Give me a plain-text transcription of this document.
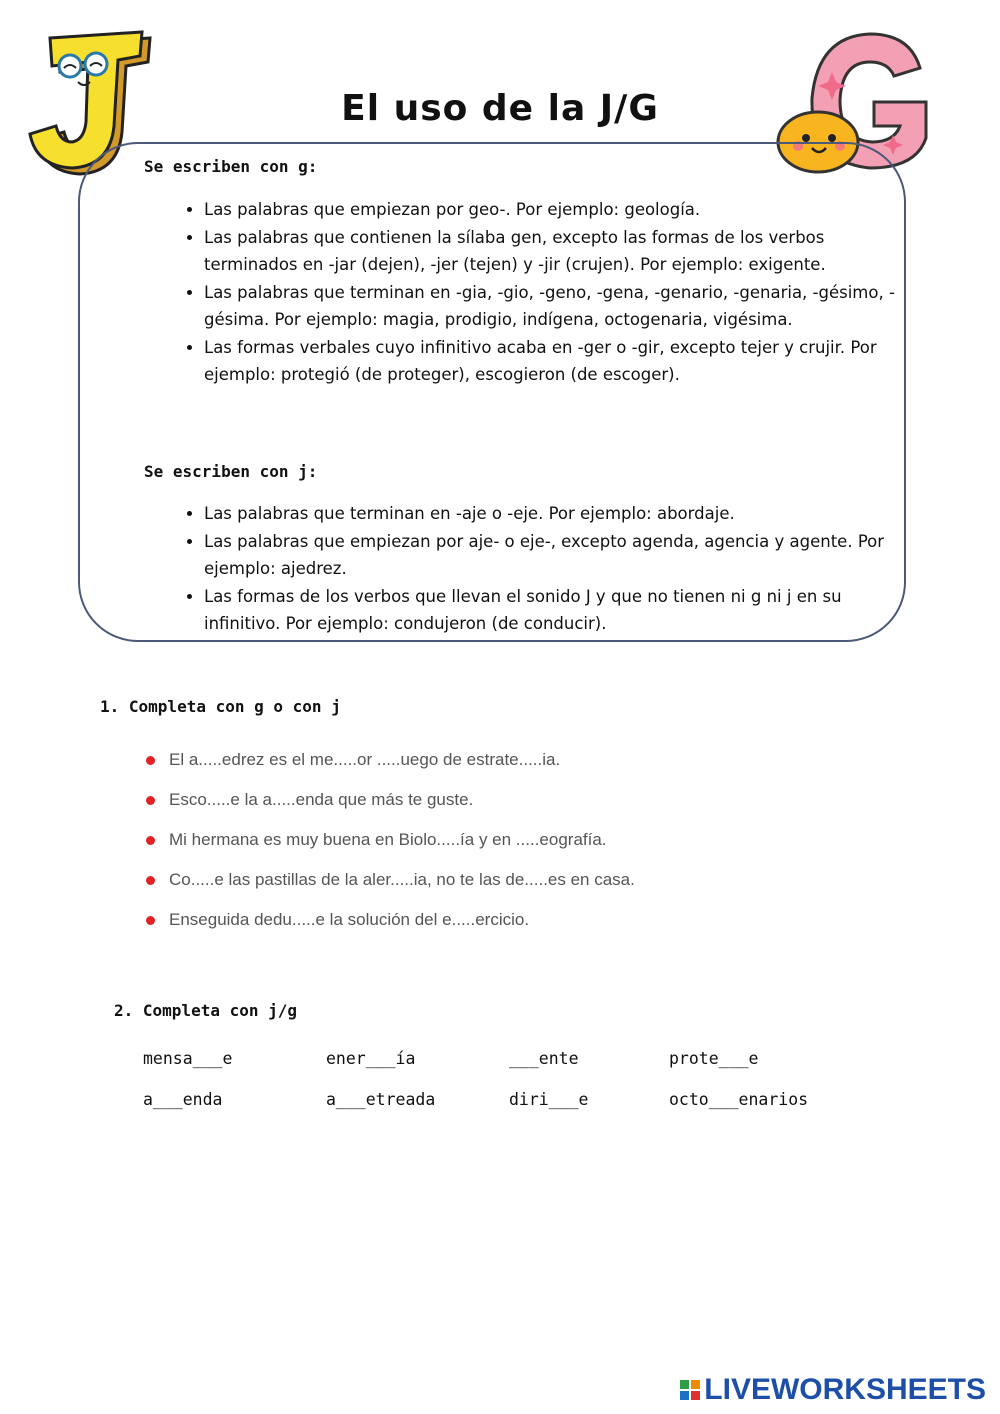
El uso de la J/G
Se escriben con g:
• Las palabras que empiezan por geo-. Por ejemplo: geología.
• Las palabras que contienen la sílaba gen, excepto las formas de los verbos terminados en -jar (dejen), -jer (tejen) y -jir (crujen). Por ejemplo: exigente.
• Las palabras que terminan en -gia, -gio, -geno, -gena, -genario, -genaria, -gésimo, -gésima. Por ejemplo: magia, prodigio, indígena, octogenaria, vigésima.
• Las formas verbales cuyo infinitivo acaba en -ger o -gir, excepto tejer y crujir. Por ejemplo: protegió (de proteger), escogieron (de escoger).
Se escriben con j:
• Las palabras que terminan en -aje o -eje. Por ejemplo: abordaje.
• Las palabras que empiezan por aje- o eje-, excepto agenda, agencia y agente. Por ejemplo: ajedrez.
• Las formas de los verbos que llevan el sonido J y que no tienen ni g ni j en su infinitivo. Por ejemplo: condujeron (de conducir).
1. Completa con g o con j
El a.....edrez es el me.....or .....uego de estrate.....ia.
Esco.....e la a.....enda que más te guste.
Mi hermana es muy buena en Biolo.....ía y en .....eografía.
Co.....e las pastillas de la aler.....ia, no te las de.....es en casa.
Enseguida dedu.....e la solución del e.....ercicio.
2. Completa con j/g
mensa___e	ener___ía	___ente	prote___e
a___enda	a___etreada	diri___e	octo___enarios
LIVEWORKSHEETS
